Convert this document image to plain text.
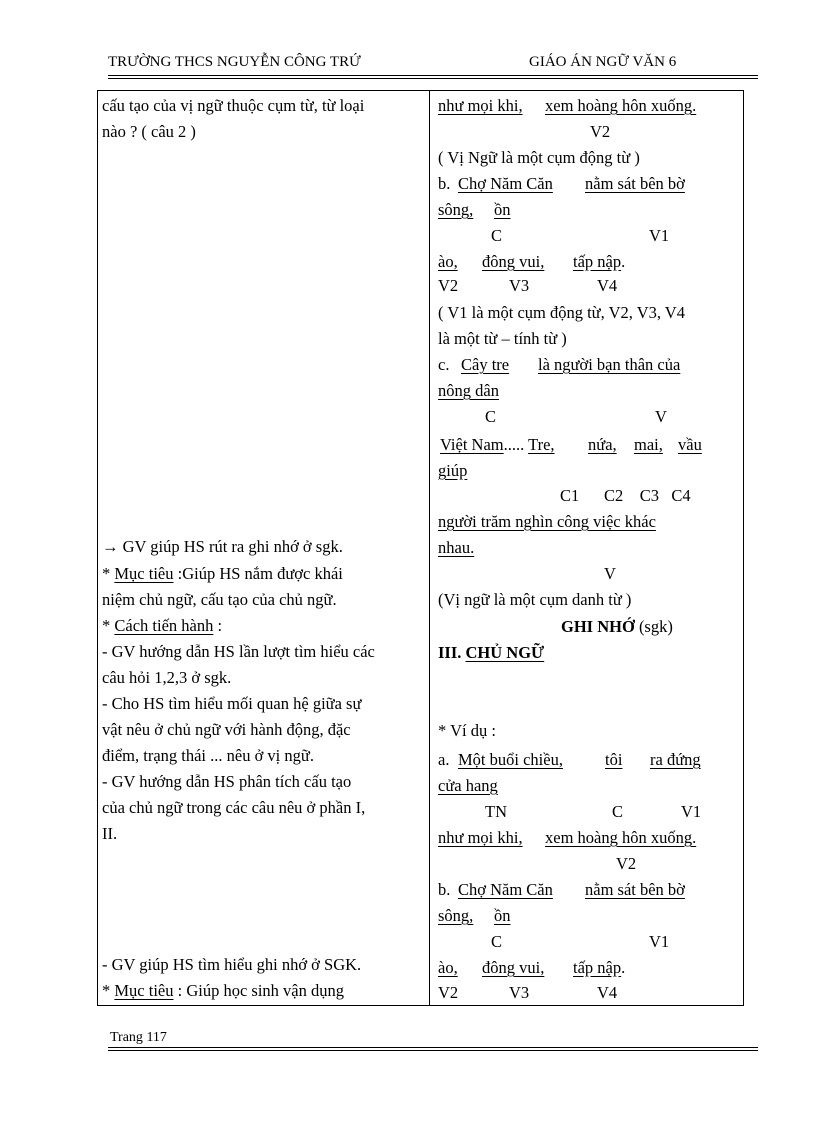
TRƯỜNG THCS NGUYỄN CÔNG TRỨ	GIÁO ÁN NGỮ VĂN 6
cấu tạo của vị ngữ thuộc cụm từ, từ loại
nào ? ( câu 2 )
→ GV giúp HS rút ra ghi nhớ ở sgk.
* Mục tiêu :Giúp HS nắm được khái
niệm chủ ngữ, cấu tạo của chủ ngữ.
* Cách tiến hành :
- GV hướng dẫn HS lần lượt tìm hiểu các
câu hỏi 1,2,3 ở sgk.
- Cho HS tìm hiểu mối quan hệ giữa sự
vật nêu ở chủ ngữ với hành động, đặc
điểm, trạng thái ... nêu ở vị ngữ.
- GV hướng dẫn HS phân tích cấu tạo
của chủ ngữ trong các câu nêu ở phần I,
II.
- GV giúp HS tìm hiểu ghi nhớ ở SGK.
* Mục tiêu : Giúp học sinh vận dụng
như mọi khi, xem hoàng hôn xuống.
V2
( Vị Ngữ là một cụm động từ )
b. Chợ Năm Căn nằm sát bên bờ
sông, ồn
C	V1
ào, đông vui, tấp nập.
V2	V3	V4
( V1 là một cụm động từ, V2, V3, V4
là một từ – tính từ )
c. Cây tre là người bạn thân của
nông dân
C	V
Việt Nam..... Tre, nứa, mai, vầu
giúp
C1      C2    C3   C4
người trăm nghìn công việc khác
nhau.
V
(Vị ngữ là một cụm danh từ )
GHI NHỚ (sgk)
III. CHỦ NGỮ
* Ví dụ :
a. Một buổi chiều,	tôi ra đứng
cửa hang
TN	C	V1
như mọi khi, xem hoàng hôn xuống.
V2
b. Chợ Năm Căn nằm sát bên bờ
sông, ồn
C	V1
ào, đông vui, tấp nập.
V2	V3	V4
Trang 117
